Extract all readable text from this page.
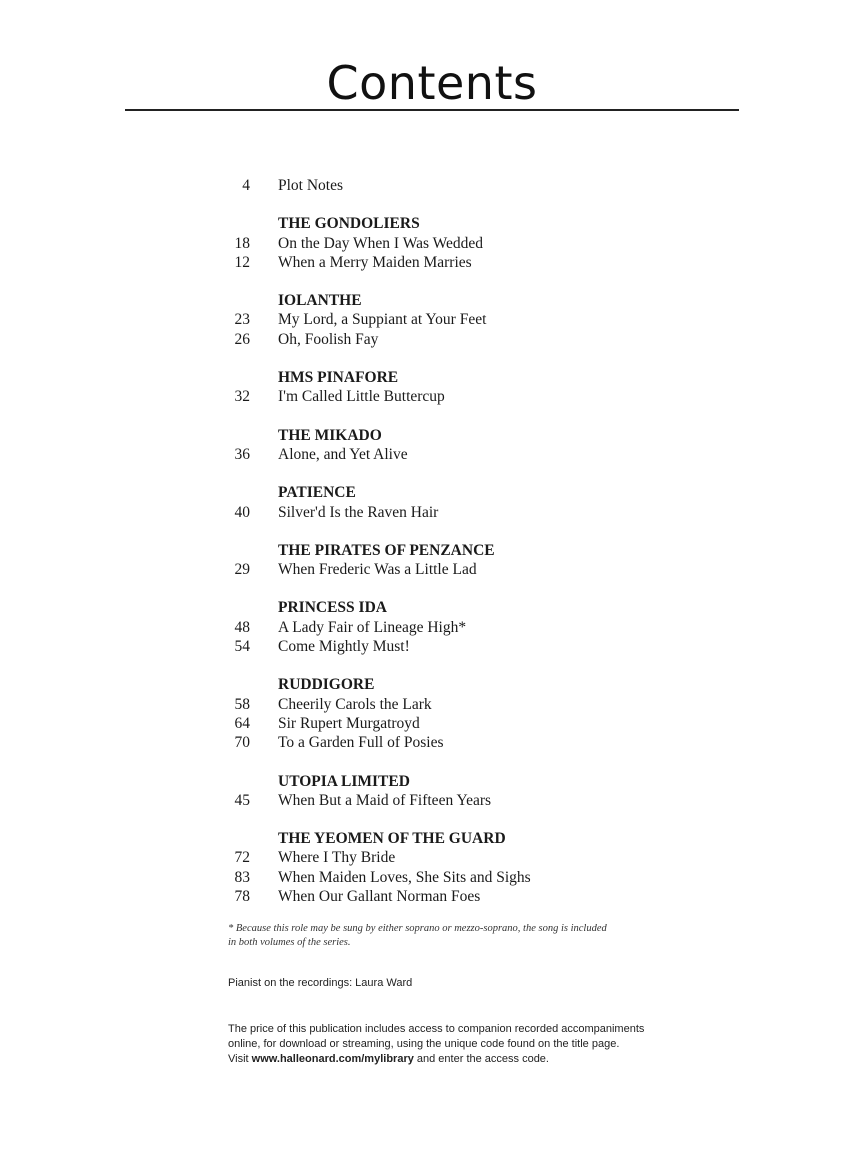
Contents
4 Plot Notes
THE GONDOLIERS
18 On the Day When I Was Wedded
12 When a Merry Maiden Marries
IOLANTHE
23 My Lord, a Suppiant at Your Feet
26 Oh, Foolish Fay
HMS PINAFORE
32 I'm Called Little Buttercup
THE MIKADO
36 Alone, and Yet Alive
PATIENCE
40 Silver'd Is the Raven Hair
THE PIRATES OF PENZANCE
29 When Frederic Was a Little Lad
PRINCESS IDA
48 A Lady Fair of Lineage High*
54 Come Mightly Must!
RUDDIGORE
58 Cheerily Carols the Lark
64 Sir Rupert Murgatroyd
70 To a Garden Full of Posies
UTOPIA LIMITED
45 When But a Maid of Fifteen Years
THE YEOMEN OF THE GUARD
72 Where I Thy Bride
83 When Maiden Loves, She Sits and Sighs
78 When Our Gallant Norman Foes
* Because this role may be sung by either soprano or mezzo-soprano, the song is included
in both volumes of the series.
Pianist on the recordings: Laura Ward
The price of this publication includes access to companion recorded accompaniments
online, for download or streaming, using the unique code found on the title page.
Visit www.halleonard.com/mylibrary and enter the access code.
